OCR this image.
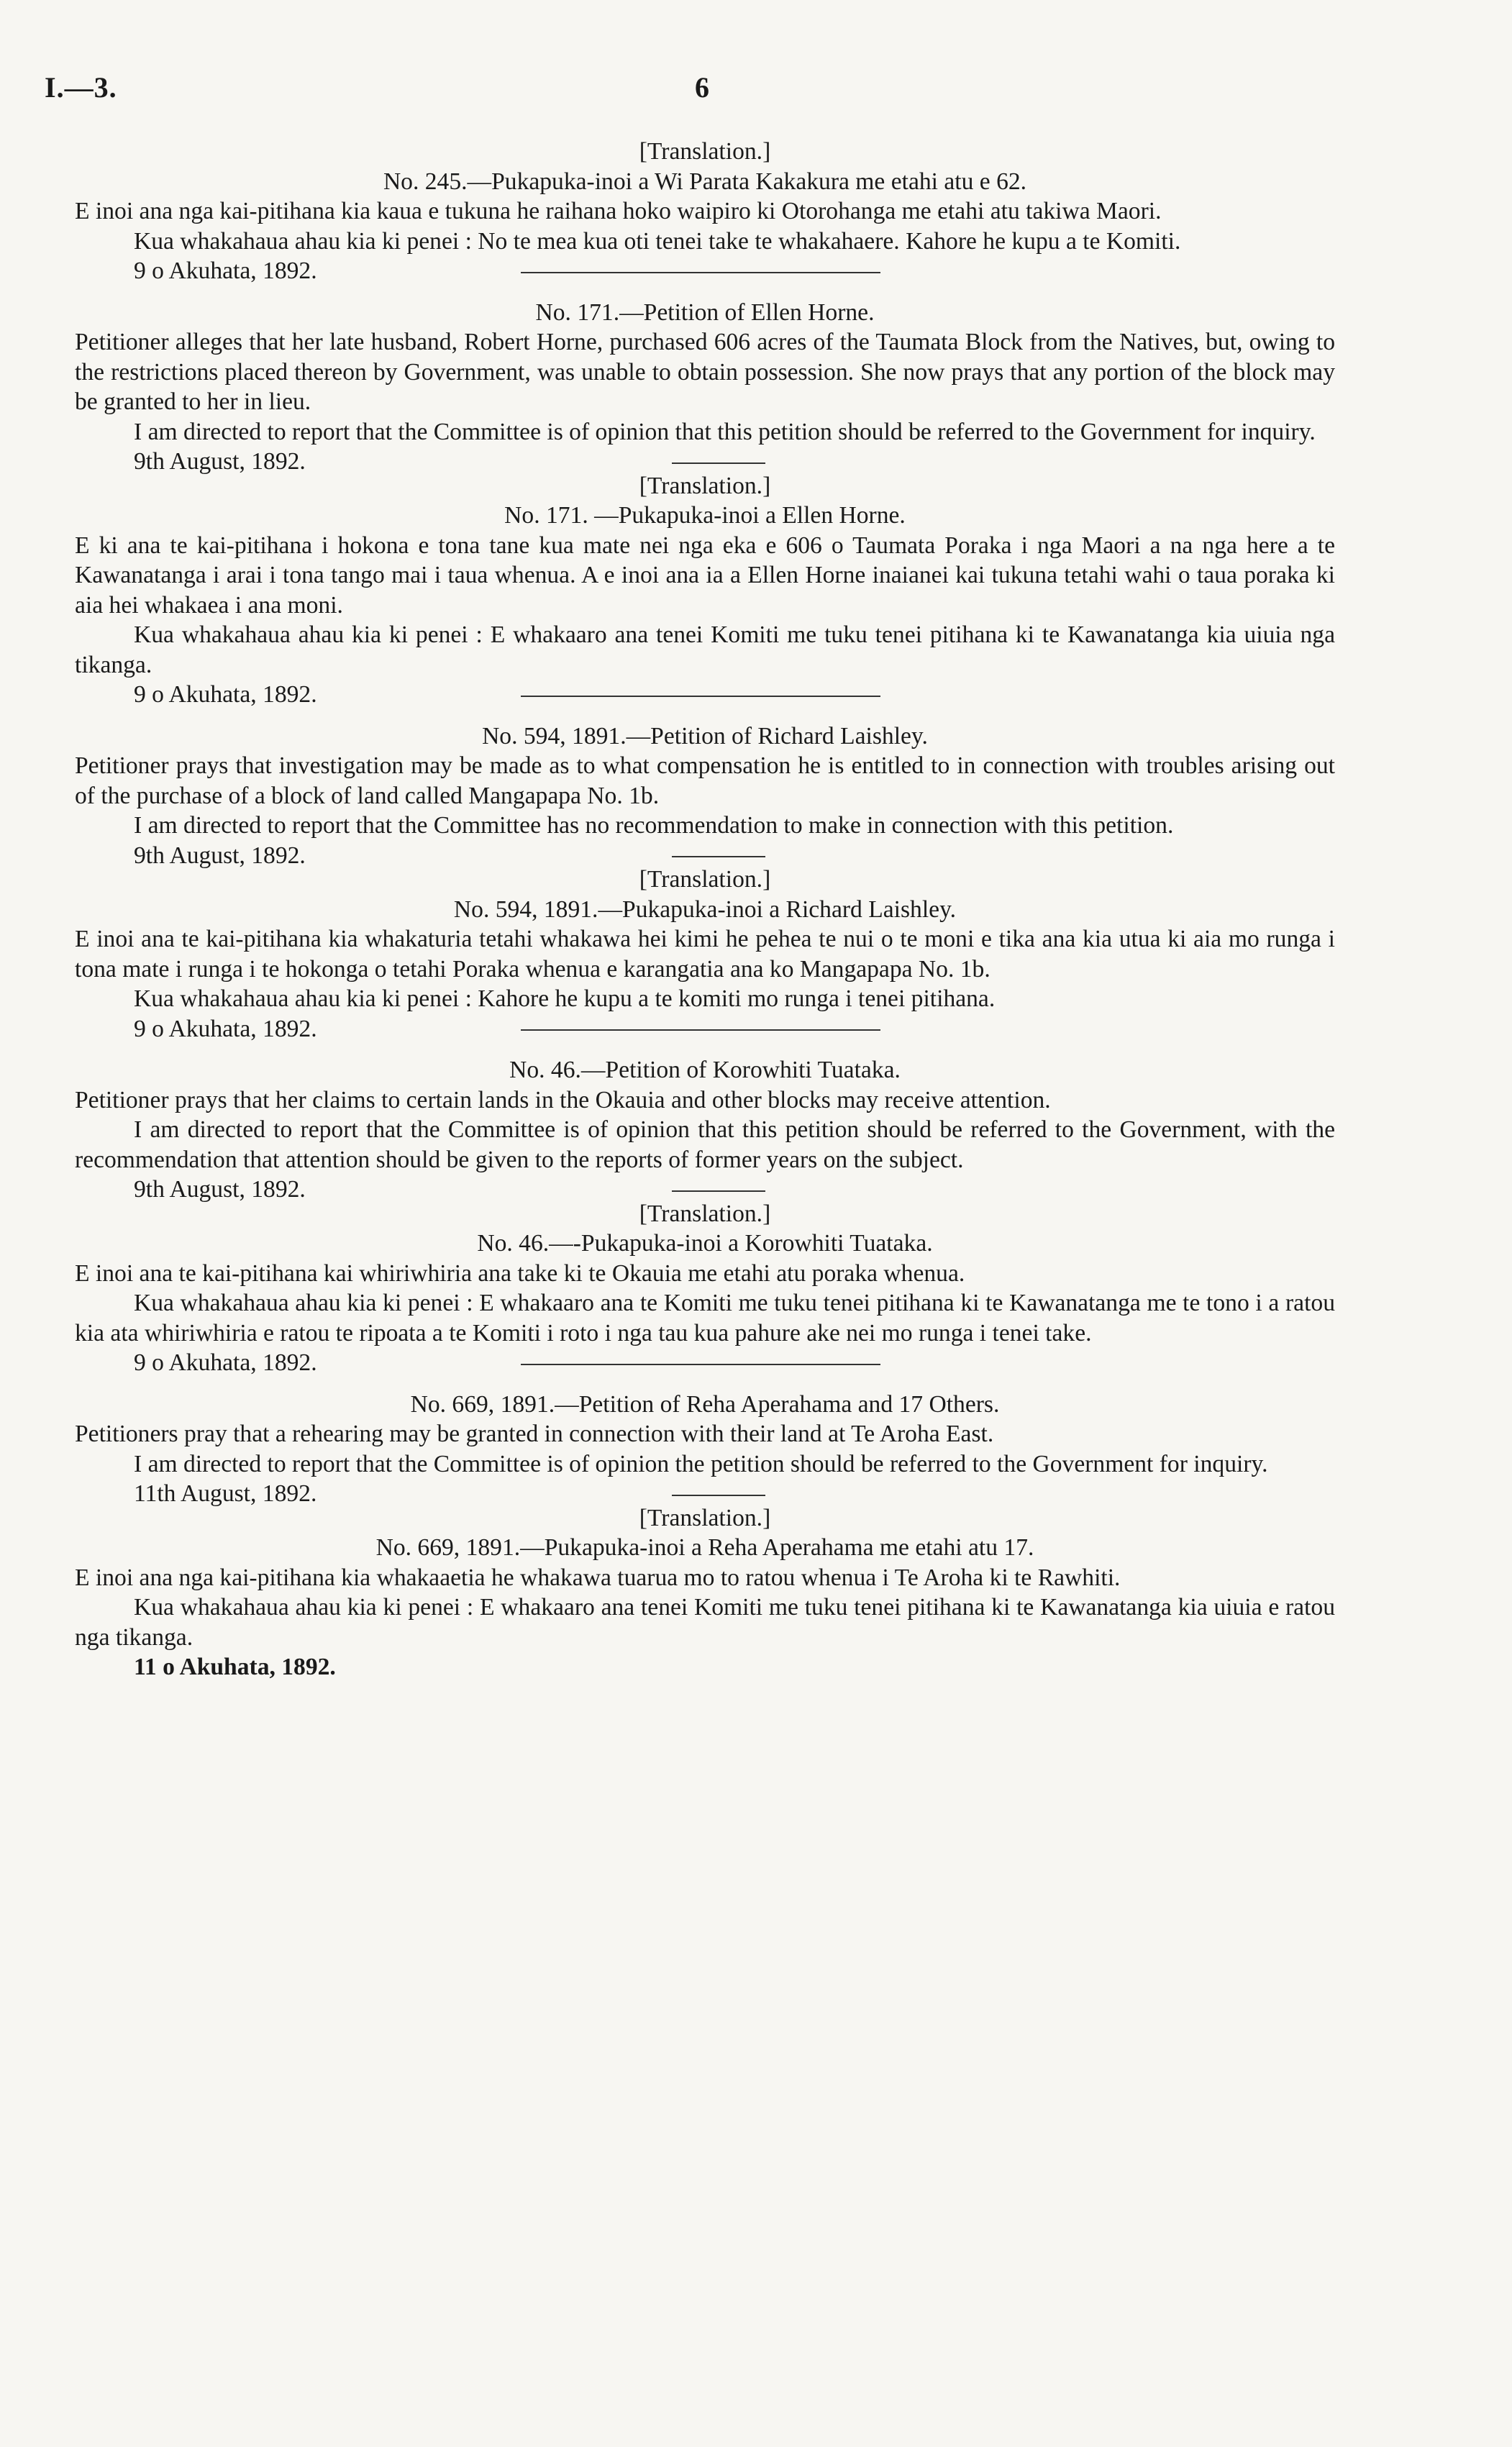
I.—3.	6
[Translation.]
No. 245.—Pukapuka-inoi a Wi Parata Kakakura me etahi atu e 62.

E inoi ana nga kai-pitihana kia kaua e tukuna he raihana hoko waipiro ki Otorohanga me etahi atu takiwa Maori.

Kua whakahaua ahau kia ki penei : No te mea kua oti tenei take te whakahaere. Kahore he kupu a te Komiti.

9 o Akuhata, 1892.
No. 171.—Petition of Ellen Horne.

Petitioner alleges that her late husband, Robert Horne, purchased 606 acres of the Taumata Block from the Natives, but, owing to the restrictions placed thereon by Government, was unable to obtain possession. She now prays that any portion of the block may be granted to her in lieu.

I am directed to report that the Committee is of opinion that this petition should be referred to the Government for inquiry.

9th August, 1892.
[Translation.]
No. 171. —Pukapuka-inoi a Ellen Horne.

E ki ana te kai-pitihana i hokona e tona tane kua mate nei nga eka e 606 o Taumata Poraka i nga Maori a na nga here a te Kawanatanga i arai i tona tango mai i taua whenua. A e inoi ana ia a Ellen Horne inaianei kai tukuna tetahi wahi o taua poraka ki aia hei whakaea i ana moni.

Kua whakahaua ahau kia ki penei : E whakaaro ana tenei Komiti me tuku tenei pitihana ki te Kawanatanga kia uiuia nga tikanga.

9 o Akuhata, 1892.
No. 594, 1891.—Petition of Richard Laishley.

Petitioner prays that investigation may be made as to what compensation he is entitled to in connection with troubles arising out of the purchase of a block of land called Mangapapa No. 1b.

I am directed to report that the Committee has no recommendation to make in connection with this petition.

9th August, 1892.
[Translation.]
No. 594, 1891.—Pukapuka-inoi a Richard Laishley.

E inoi ana te kai-pitihana kia whakaturia tetahi whakawa hei kimi he pehea te nui o te moni e tika ana kia utua ki aia mo runga i tona mate i runga i te hokonga o tetahi Poraka whenua e karangatia ana ko Mangapapa No. 1b.

Kua whakahaua ahau kia ki penei : Kahore he kupu a te komiti mo runga i tenei pitihana.

9 o Akuhata, 1892.
No. 46.—Petition of Korowhiti Tuataka.

Petitioner prays that her claims to certain lands in the Okauia and other blocks may receive attention.

I am directed to report that the Committee is of opinion that this petition should be referred to the Government, with the recommendation that attention should be given to the reports of former years on the subject.

9th August, 1892.
[Translation.]
No. 46.—-Pukapuka-inoi a Korowhiti Tuataka.

E inoi ana te kai-pitihana kai whiriwhiria ana take ki te Okauia me etahi atu poraka whenua.

Kua whakahaua ahau kia ki penei : E whakaaro ana te Komiti me tuku tenei pitihana ki te Kawanatanga me te tono i a ratou kia ata whiriwhiria e ratou te ripoata a te Komiti i roto i nga tau kua pahure ake nei mo runga i tenei take.

9 o Akuhata, 1892.
No. 669, 1891.—Petition of Reha Aperahama and 17 Others.

Petitioners pray that a rehearing may be granted in connection with their land at Te Aroha East.

I am directed to report that the Committee is of opinion the petition should be referred to the Government for inquiry.

11th August, 1892.
[Translation.]
No. 669, 1891.—Pukapuka-inoi a Reha Aperahama me etahi atu 17.

E inoi ana nga kai-pitihana kia whakaaetia he whakawa tuarua mo to ratou whenua i Te Aroha ki te Rawhiti.

Kua whakahaua ahau kia ki penei : E whakaaro ana tenei Komiti me tuku tenei pitihana ki te Kawanatanga kia uiuia e ratou nga tikanga.

11 o Akuhata, 1892.
